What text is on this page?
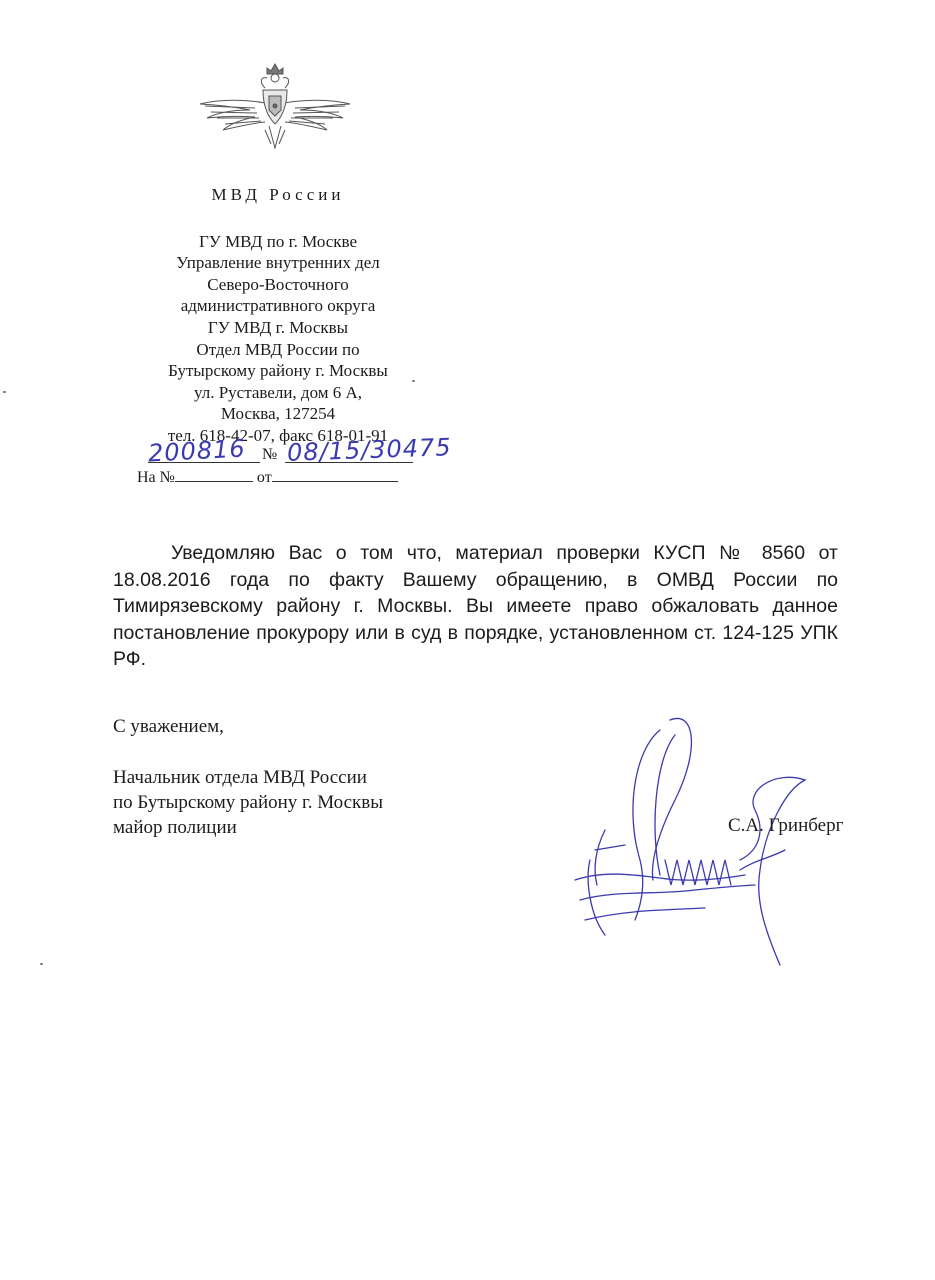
МВД России
ГУ МВД по г. Москве
Управление внутренних дел
Северо-Восточного
административного округа
ГУ МВД г. Москвы
Отдел МВД России по
Бутырскому району г. Москвы
ул. Руставели, дом 6 А,
Москва, 127254
тел. 618-42-07, факс 618-01-91
№
200816 08/15/30475
На №	от
Уведомляю Вас о том что, материал проверки КУСП № 8560 от 18.08.2016 года по факту Вашему обращению, в ОМВД России по Тимирязевскому району г. Москвы. Вы имеете право обжаловать данное постановление прокурору или в суд в порядке, установленном ст. 124-125 УПК РФ.
С уважением,
Начальник отдела МВД России
по Бутырскому району г. Москвы
майор полиции	С.А. Гринберг
